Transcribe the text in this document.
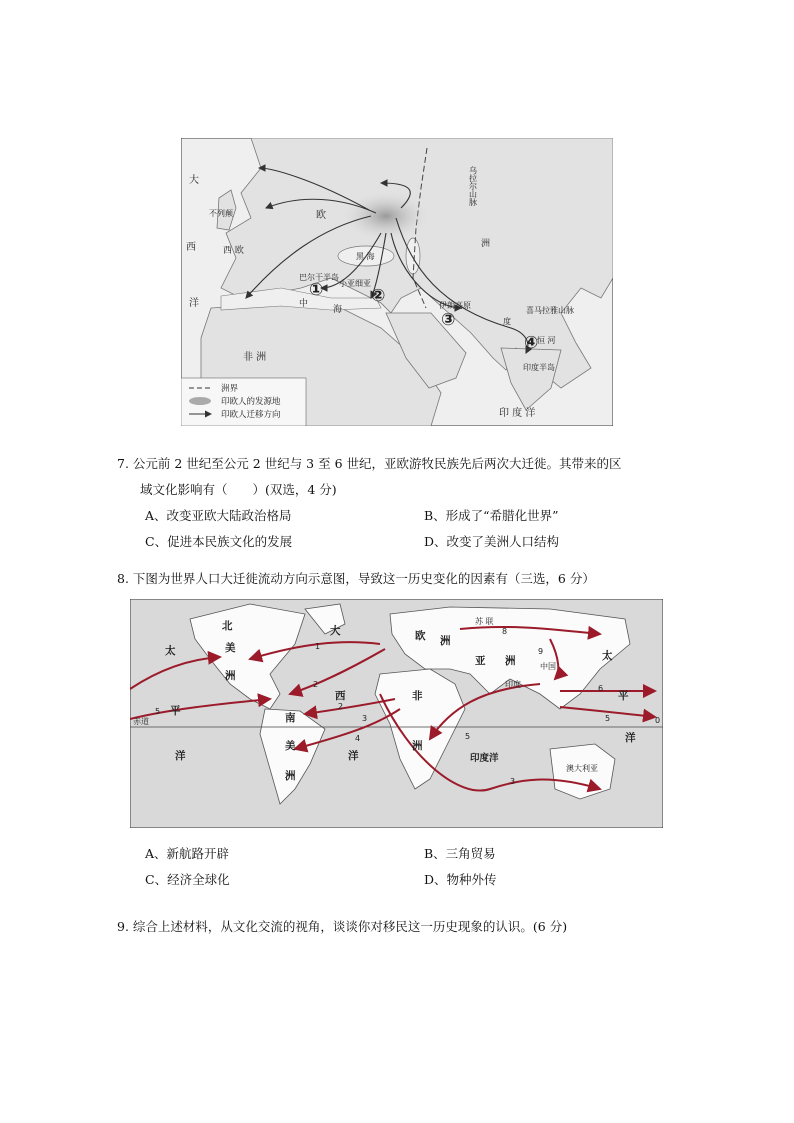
大
西
洋
不列颠
西 欧
欧
巴尔干半岛
黑 海
小亚细亚
中
海
非 洲
乌拉尔山脉
洲
伊朗高原
喜马拉雅山脉
度
恒 河
印度半岛
印 度 洋
①	②
③
④
洲界
印欧人的发源地
印欧人迁移方向
7. 公元前 2 世纪至公元 2 世纪与 3 至 6 世纪，亚欧游牧民族先后两次大迁徙。其带来的区
域文化影响有（　　）(双选，4 分)
A、改变亚欧大陆政治格局	B、形成了“希腊化世界”
C、促进本民族文化的发展	D、改变了美洲人口结构
8. 下图为世界人口大迁徙流动方向示意图，导致这一历史变化的因素有（三选，6 分）
北
美
洲
太
平
洋
大
西
洋
南
美
洲
非
洲
欧 洲
亚 洲	太
平
洋
苏 联
中国
印度
印度洋
澳大利亚
赤道	0
1
2
2
3
3
4
5
5
5
6
8
9
A、新航路开辟	B、三角贸易
C、经济全球化	D、物种外传
9. 综合上述材料，从文化交流的视角，谈谈你对移民这一历史现象的认识。(6 分)
